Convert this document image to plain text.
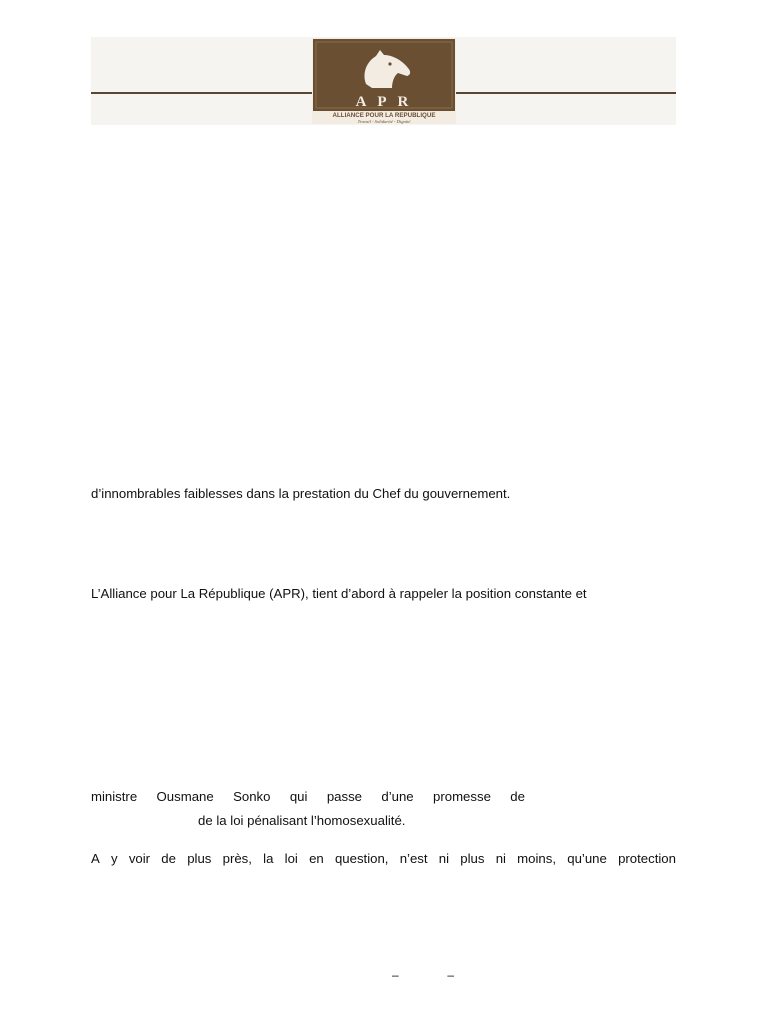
A P R
ALLIANCE POUR LA REPUBLIQUE
Travail - Solidarité - Dignité
d’innombrables faiblesses dans la prestation du Chef du gouvernement.
L’Alliance pour La République (APR), tient d’abord à rappeler la position constante et
ministre Ousmane Sonko qui passe d’une promesse de
de la loi pénalisant l’homosexualité.
A y voir de plus près, la loi en question, n’est ni plus ni moins, qu’une protection
–	–
